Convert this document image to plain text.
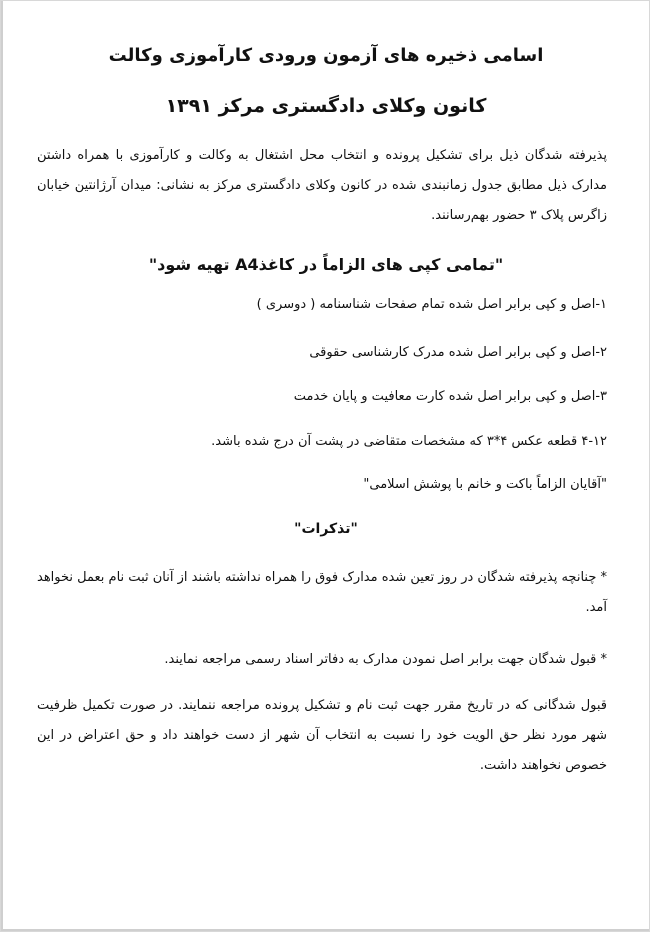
اسامی ذخیره های آزمون ورودی کارآموزی وکالت
کانون وکلای دادگستری مرکز ۱۳۹۱
پذیرفته شدگان ذیل برای تشکیل پرونده و انتخاب محل اشتغال به وکالت و کارآموزی با همراه داشتن مدارک ذیل مطابق جدول زمانبندی شده در کانون وکلای دادگستری مرکز به نشانی: میدان آرژانتین خیابان زاگرس پلاک ۳ حضور بهم‌رسانند.
"تمامی کپی های الزاماً در کاغذA4 تهیه شود"
۱-اصل و کپی برابر اصل شده تمام صفحات شناسنامه ( دوسری )
۲-اصل و کپی برابر اصل شده مدرک کارشناسی حقوقی
۳-اصل و کپی برابر اصل شده کارت معافیت و پایان خدمت
۴-۱۲ قطعه عکس ۴*۳ که مشخصات متقاضی در پشت آن درج شده باشد.
"آقایان الزاماً باکت و خانم با پوشش اسلامی"
"تذکرات"
* چنانچه پذیرفته شدگان در روز تعین شده مدارک فوق را همراه نداشته باشند از آنان ثبت نام بعمل نخواهد آمد.
* قبول شدگان جهت برابر اصل نمودن مدارک به دفاتر اسناد رسمی مراجعه نمایند.
قبول شدگانی که در تاریخ مقرر جهت ثبت نام و تشکیل پرونده مراجعه ننمایند. در صورت تکمیل ظرفیت شهر مورد نظر حق الویت خود را نسبت به انتخاب آن شهر از دست خواهند داد و حق اعتراض در این خصوص نخواهند داشت.
